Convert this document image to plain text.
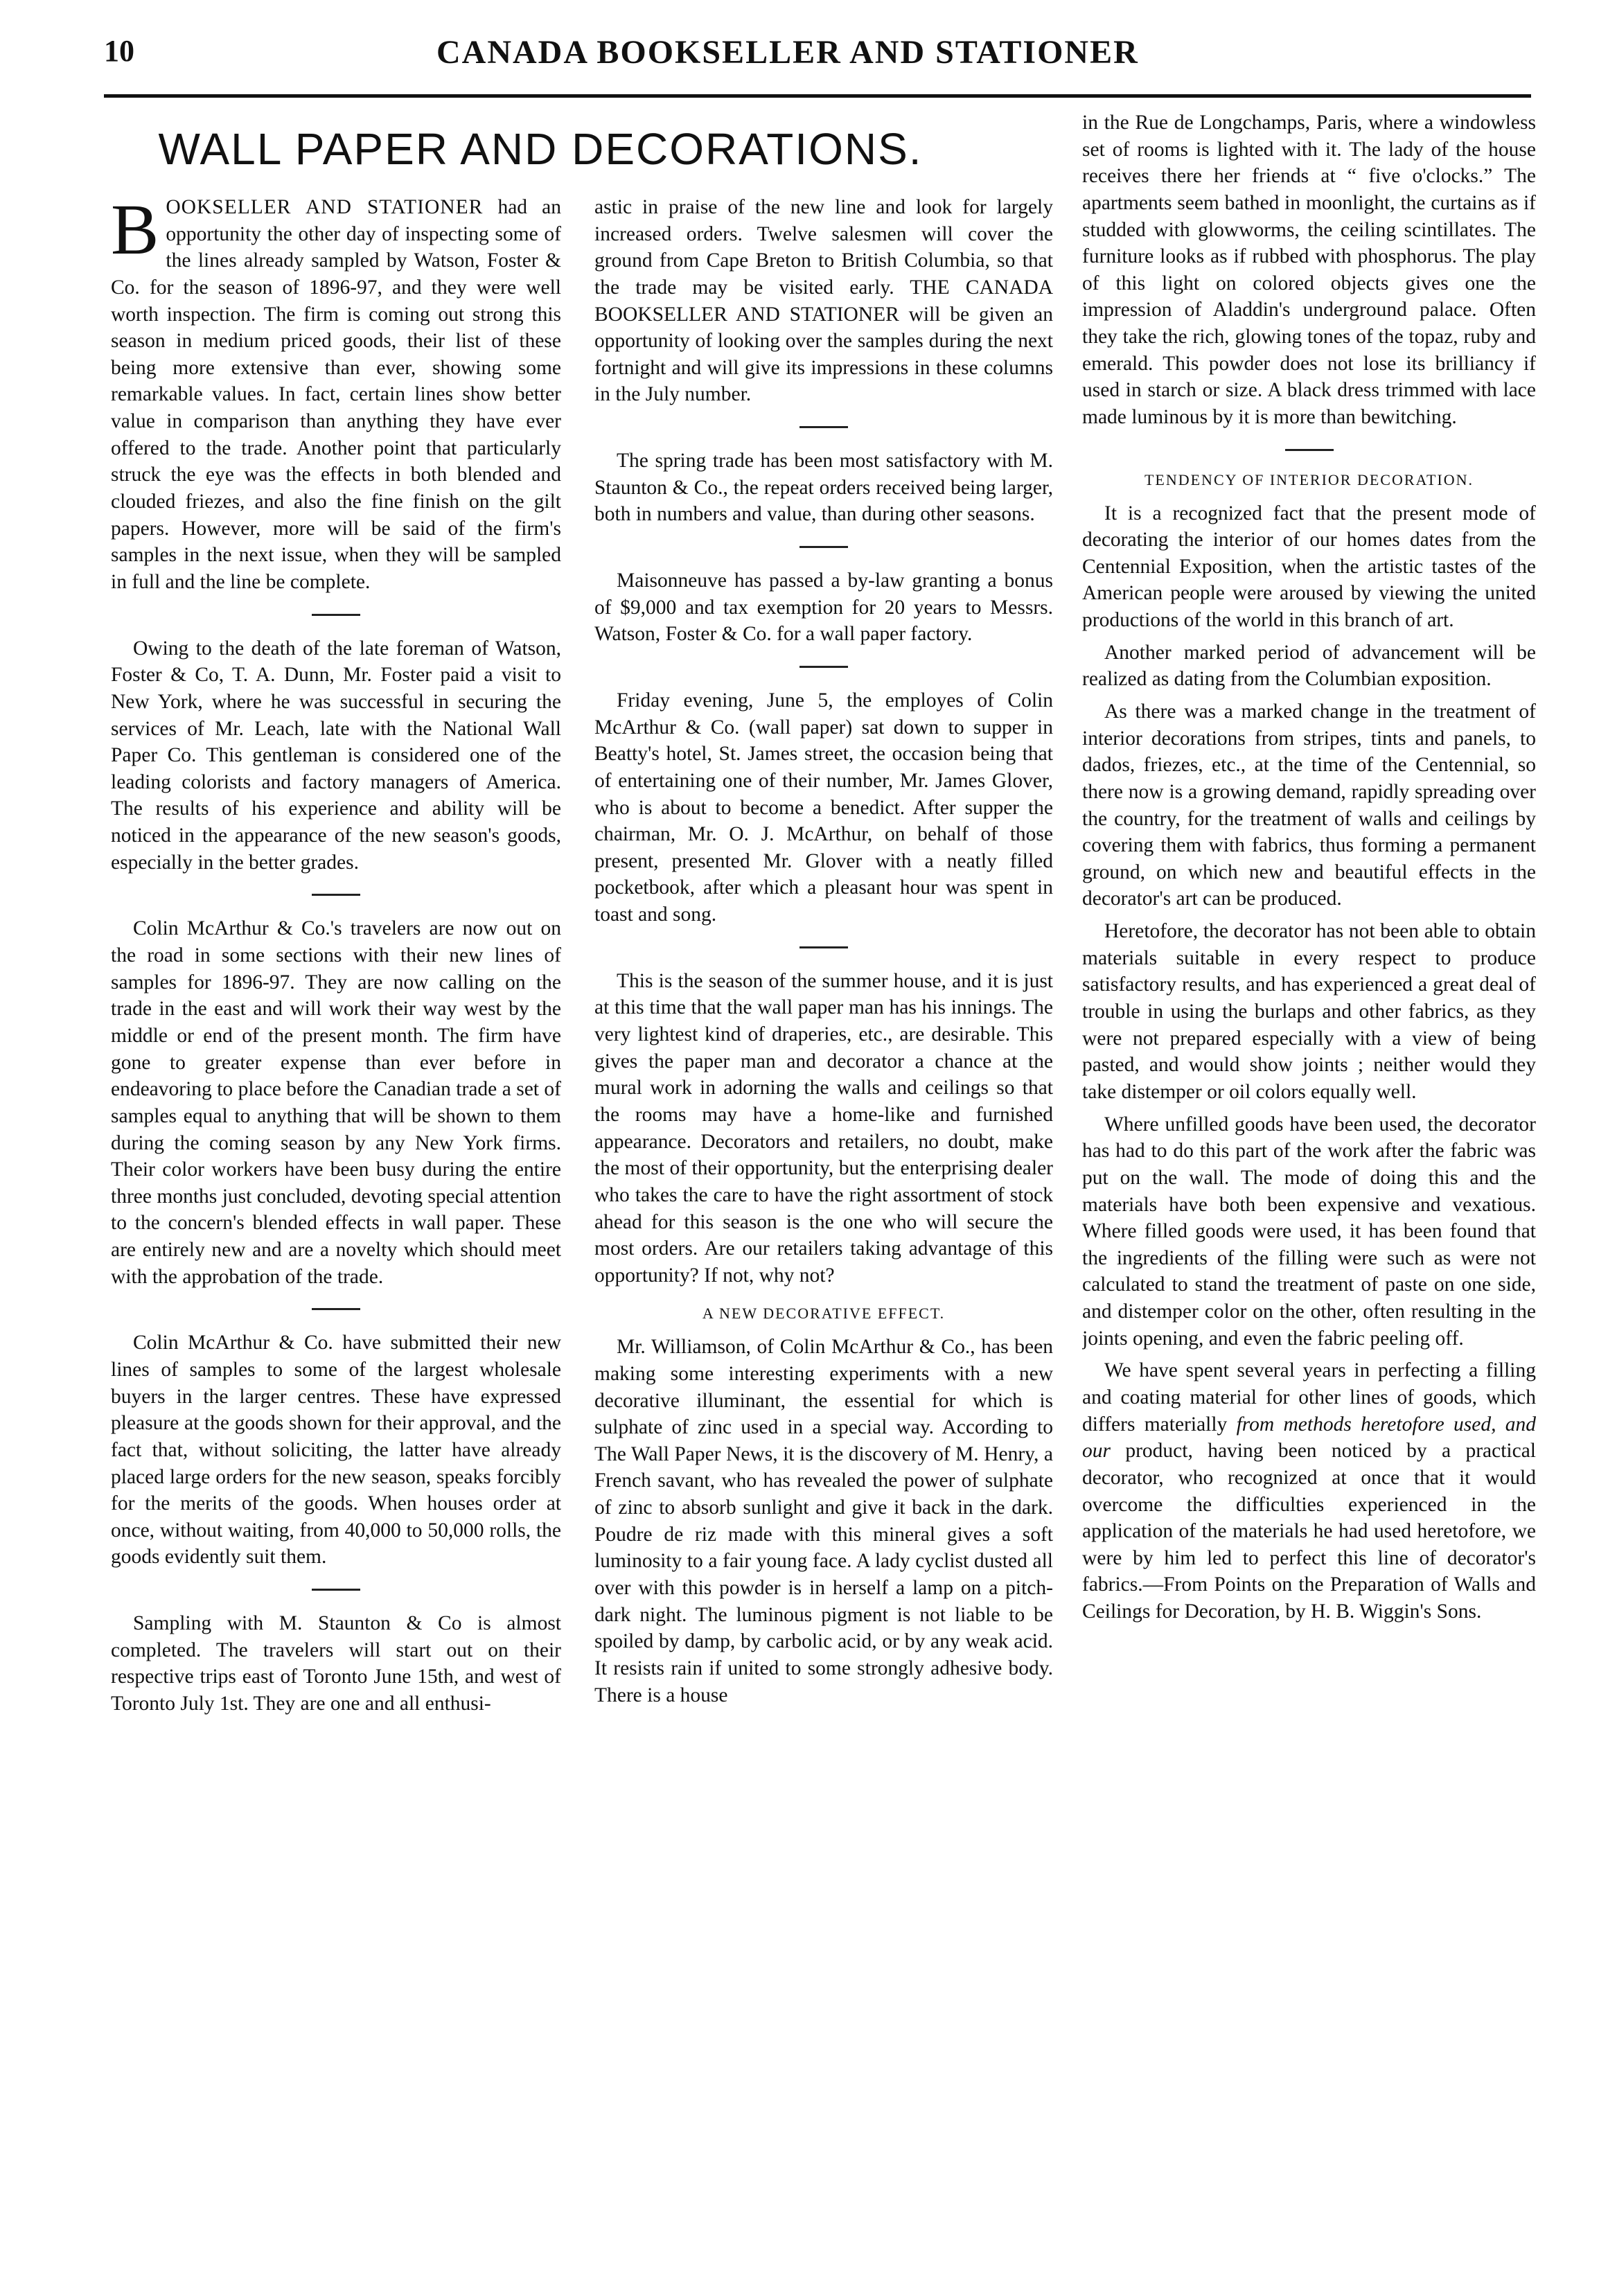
10	CANADA BOOKSELLER AND STATIONER
WALL PAPER AND DECORATIONS.

B OOKSELLER AND STATIONER had an opportunity the other day of inspecting some of the lines already sampled by Watson, Foster & Co. for the season of 1896-97, and they were well worth inspection. The firm is coming out strong this season in medium priced goods, their list of these being more extensive than ever, showing some remarkable values. In fact, certain lines show better value in comparison than anything they have ever offered to the trade. Another point that particularly struck the eye was the effects in both blended and clouded friezes, and also the fine finish on the gilt papers. However, more will be said of the firm's samples in the next issue, when they will be sampled in full and the line be complete.

Owing to the death of the late foreman of Watson, Foster & Co, T. A. Dunn, Mr. Foster paid a visit to New York, where he was successful in securing the services of Mr. Leach, late with the National Wall Paper Co. This gentleman is considered one of the leading colorists and factory managers of America. The results of his experience and ability will be noticed in the appearance of the new season's goods, especially in the better grades.

Colin McArthur & Co.'s travelers are now out on the road in some sections with their new lines of samples for 1896-97. They are now calling on the trade in the east and will work their way west by the middle or end of the present month. The firm have gone to greater expense than ever before in endeavoring to place before the Canadian trade a set of samples equal to anything that will be shown to them during the coming season by any New York firms. Their color workers have been busy during the entire three months just concluded, devoting special attention to the concern's blended effects in wall paper. These are entirely new and are a novelty which should meet with the approbation of the trade.

Colin McArthur & Co. have submitted their new lines of samples to some of the largest wholesale buyers in the larger centres. These have expressed pleasure at the goods shown for their approval, and the fact that, without soliciting, the latter have already placed large orders for the new season, speaks forcibly for the merits of the goods. When houses order at once, without waiting, from 40,000 to 50,000 rolls, the goods evidently suit them.

Sampling with M. Staunton & Co is almost completed. The travelers will start out on their respective trips east of Toronto June 15th, and west of Toronto July 1st. They are one and all enthusi-

astic in praise of the new line and look for largely increased orders. Twelve salesmen will cover the ground from Cape Breton to British Columbia, so that the trade may be visited early. THE CANADA BOOKSELLER AND STATIONER will be given an opportunity of looking over the samples during the next fortnight and will give its impressions in these columns in the July number.

The spring trade has been most satisfactory with M. Staunton & Co., the repeat orders received being larger, both in numbers and value, than during other seasons.

Maisonneuve has passed a by-law granting a bonus of $9,000 and tax exemption for 20 years to Messrs. Watson, Foster & Co. for a wall paper factory.

Friday evening, June 5, the employes of Colin McArthur & Co. (wall paper) sat down to supper in Beatty's hotel, St. James street, the occasion being that of entertaining one of their number, Mr. James Glover, who is about to become a benedict. After supper the chairman, Mr. O. J. McArthur, on behalf of those present, presented Mr. Glover with a neatly filled pocketbook, after which a pleasant hour was spent in toast and song.

This is the season of the summer house, and it is just at this time that the wall paper man has his innings. The very lightest kind of draperies, etc., are desirable. This gives the paper man and decorator a chance at the mural work in adorning the walls and ceilings so that the rooms may have a home-like and furnished appearance. Decorators and retailers, no doubt, make the most of their opportunity, but the enterprising dealer who takes the care to have the right assortment of stock ahead for this season is the one who will secure the most orders. Are our retailers taking advantage of this opportunity? If not, why not?

A NEW DECORATIVE EFFECT.

Mr. Williamson, of Colin McArthur & Co., has been making some interesting experiments with a new decorative illuminant, the essential for which is sulphate of zinc used in a special way. According to The Wall Paper News, it is the discovery of M. Henry, a French savant, who has revealed the power of sulphate of zinc to absorb sunlight and give it back in the dark. Poudre de riz made with this mineral gives a soft luminosity to a fair young face. A lady cyclist dusted all over with this powder is in herself a lamp on a pitch-dark night. The luminous pigment is not liable to be spoiled by damp, by carbolic acid, or by any weak acid. It resists rain if united to some strongly adhesive body. There is a house

in the Rue de Longchamps, Paris, where a windowless set of rooms is lighted with it. The lady of the house receives there her friends at “ five o'clocks.” The apartments seem bathed in moonlight, the curtains as if studded with glowworms, the ceiling scintillates. The furniture looks as if rubbed with phosphorus. The play of this light on colored objects gives one the impression of Aladdin's underground palace. Often they take the rich, glowing tones of the topaz, ruby and emerald. This powder does not lose its brilliancy if used in starch or size. A black dress trimmed with lace made luminous by it is more than bewitching.

TENDENCY OF INTERIOR DECORATION.

It is a recognized fact that the present mode of decorating the interior of our homes dates from the Centennial Exposition, when the artistic tastes of the American people were aroused by viewing the united productions of the world in this branch of art.

Another marked period of advancement will be realized as dating from the Columbian exposition.

As there was a marked change in the treatment of interior decorations from stripes, tints and panels, to dados, friezes, etc., at the time of the Centennial, so there now is a growing demand, rapidly spreading over the country, for the treatment of walls and ceilings by covering them with fabrics, thus forming a permanent ground, on which new and beautiful effects in the decorator's art can be produced.

Heretofore, the decorator has not been able to obtain materials suitable in every respect to produce satisfactory results, and has experienced a great deal of trouble in using the burlaps and other fabrics, as they were not prepared especially with a view of being pasted, and would show joints ; neither would they take distemper or oil colors equally well.

Where unfilled goods have been used, the decorator has had to do this part of the work after the fabric was put on the wall. The mode of doing this and the materials have both been expensive and vexatious. Where filled goods were used, it has been found that the ingredients of the filling were such as were not calculated to stand the treatment of paste on one side, and distemper color on the other, often resulting in the joints opening, and even the fabric peeling off.

We have spent several years in perfecting a filling and coating material for other lines of goods, which differs materially from methods heretofore used, and our product, having been noticed by a practical decorator, who recognized at once that it would overcome the difficulties experienced in the application of the materials he had used heretofore, we were by him led to perfect this line of decorator's fabrics.—From Points on the Preparation of Walls and Ceilings for Decoration, by H. B. Wiggin's Sons.
